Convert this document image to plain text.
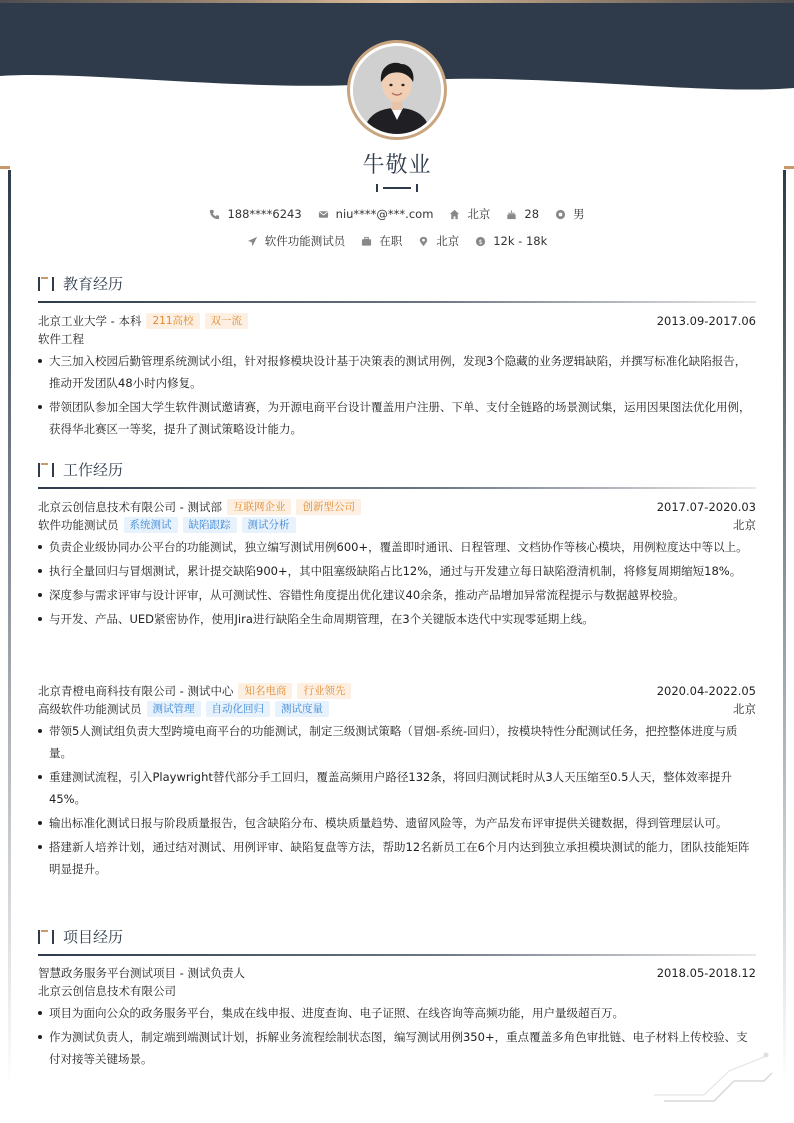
牛敬业
188****6243	niu****@***.com	北京	28	男
软件功能测试员	在职	北京	$ 12k - 18k
教育经历
北京工业大学 - 本科	211高校	双一流	2013.09-2017.06
软件工程
大三加入校园后勤管理系统测试小组，针对报修模块设计基于决策表的测试用例，发现3个隐藏的业务逻辑缺陷，并撰写标准化缺陷报告，推动开发团队48小时内修复。
带领团队参加全国大学生软件测试邀请赛，为开源电商平台设计覆盖用户注册、下单、支付全链路的场景测试集，运用因果图法优化用例，获得华北赛区一等奖，提升了测试策略设计能力。
工作经历
北京云创信息技术有限公司 - 测试部	互联网企业	创新型公司	2017.07-2020.03
软件功能测试员	系统测试	缺陷跟踪	测试分析	北京
负责企业级协同办公平台的功能测试，独立编写测试用例600+，覆盖即时通讯、日程管理、文档协作等核心模块，用例粒度达中等以上。
执行全量回归与冒烟测试，累计提交缺陷900+，其中阻塞级缺陷占比12%，通过与开发建立每日缺陷澄清机制，将修复周期缩短18%。
深度参与需求评审与设计评审，从可测试性、容错性角度提出优化建议40余条，推动产品增加异常流程提示与数据越界校验。
与开发、产品、UED紧密协作，使用Jira进行缺陷全生命周期管理，在3个关键版本迭代中实现零延期上线。
北京青橙电商科技有限公司 - 测试中心	知名电商	行业领先	2020.04-2022.05
高级软件功能测试员	测试管理	自动化回归	测试度量	北京
带领5人测试组负责大型跨境电商平台的功能测试，制定三级测试策略（冒烟-系统-回归），按模块特性分配测试任务，把控整体进度与质量。
重建测试流程，引入Playwright替代部分手工回归，覆盖高频用户路径132条，将回归测试耗时从3人天压缩至0.5人天，整体效率提升45%。
输出标准化测试日报与阶段质量报告，包含缺陷分布、模块质量趋势、遗留风险等，为产品发布评审提供关键数据，得到管理层认可。
搭建新人培养计划，通过结对测试、用例评审、缺陷复盘等方法，帮助12名新员工在6个月内达到独立承担模块测试的能力，团队技能矩阵明显提升。
项目经历
智慧政务服务平台测试项目 - 测试负责人	2018.05-2018.12
北京云创信息技术有限公司
项目为面向公众的政务服务平台，集成在线申报、进度查询、电子证照、在线咨询等高频功能，用户量级超百万。
作为测试负责人，制定端到端测试计划，拆解业务流程绘制状态图，编写测试用例350+，重点覆盖多角色审批链、电子材料上传校验、支付对接等关键场景。
